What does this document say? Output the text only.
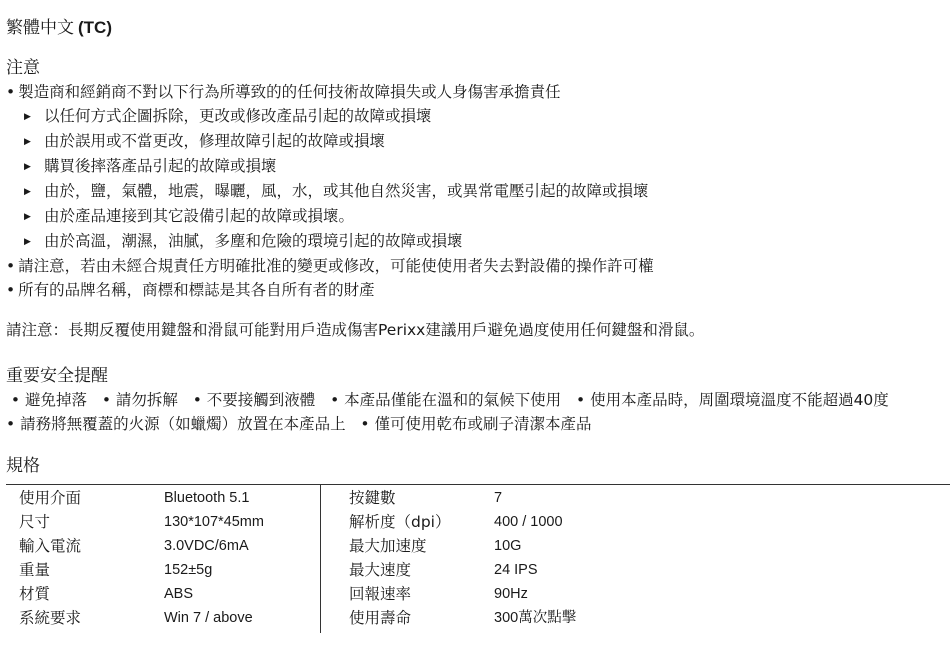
繁體中文 (TC)
注意
• 製造商和經銷商不對以下行為所導致的的任何技術故障損失或人身傷害承擔責任
▶ 以任何方式企圖拆除，更改或修改產品引起的故障或損壞
▶ 由於誤用或不當更改，修理故障引起的故障或損壞
▶ 購買後摔落產品引起的故障或損壞
▶ 由於，鹽，氣體，地震，曝曬，風，水，或其他自然災害，或異常電壓引起的故障或損壞
▶ 由於產品連接到其它設備引起的故障或損壞。
▶ 由於高溫，潮濕，油膩，多塵和危險的環境引起的故障或損壞
• 請注意，若由未經合規責任方明確批准的變更或修改，可能使使用者失去對設備的操作許可權
• 所有的品牌名稱，商標和標誌是其各自所有者的財產
請注意：長期反覆使用鍵盤和滑鼠可能對用戶造成傷害Perixx建議用戶避免過度使用任何鍵盤和滑鼠。
重要安全提醒
• 避免掉落 • 請勿拆解 • 不要接觸到液體 • 本產品僅能在溫和的氣候下使用 • 使用本產品時，周圍環境溫度不能超過40度   • 請務將無覆蓋的火源（如蠟燭）放置在本產品上 • 僅可使用乾布或刷子清潔本產品
規格
使用介面	Bluetooth 5.1	按鍵數	7
尺寸	130*107*45mm	解析度（dpi）	400 / 1000
輸入電流	3.0VDC/6mA	最大加速度	10G
重量	152±5g	最大速度	24 IPS
材質	ABS	回報速率	90Hz
系統要求	Win 7 / above	使用壽命	300萬次點擊
